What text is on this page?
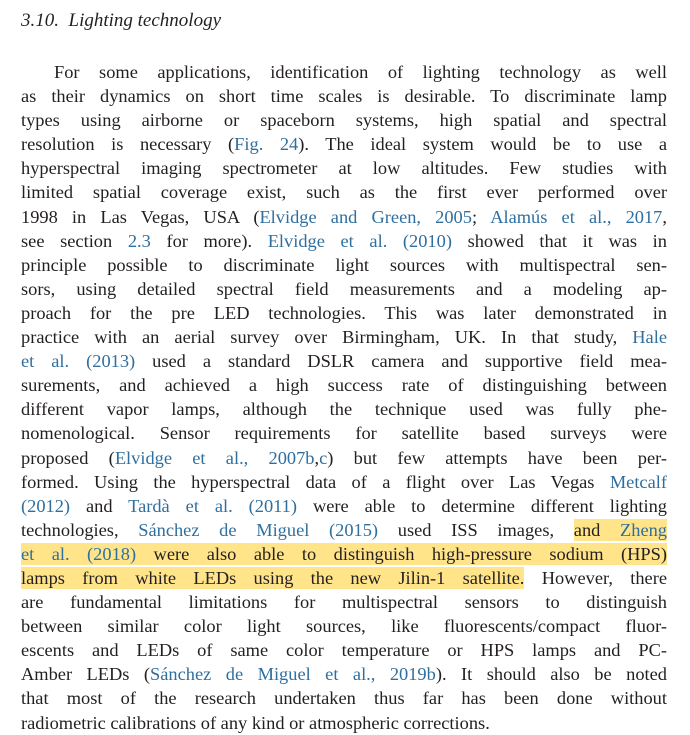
3.10. Lighting technology
For some applications, identification of lighting technology as well
as their dynamics on short time scales is desirable. To discriminate lamp
types using airborne or spaceborn systems, high spatial and spectral
resolution is necessary (Fig. 24). The ideal system would be to use a
hyperspectral imaging spectrometer at low altitudes. Few studies with
limited spatial coverage exist, such as the first ever performed over
1998 in Las Vegas, USA (Elvidge and Green, 2005; Alamús et al., 2017,
see section 2.3 for more). Elvidge et al. (2010) showed that it was in
principle possible to discriminate light sources with multispectral sen-
sors, using detailed spectral field measurements and a modeling ap-
proach for the pre LED technologies. This was later demonstrated in
practice with an aerial survey over Birmingham, UK. In that study, Hale
et al. (2013) used a standard DSLR camera and supportive field mea-
surements, and achieved a high success rate of distinguishing between
different vapor lamps, although the technique used was fully phe-
nomenological. Sensor requirements for satellite based surveys were
proposed (Elvidge et al., 2007b,c) but few attempts have been per-
formed. Using the hyperspectral data of a flight over Las Vegas Metcalf
(2012) and Tardà et al. (2011) were able to determine different lighting
technologies, Sánchez de Miguel (2015) used ISS images, and Zheng
et al. (2018) were also able to distinguish high-pressure sodium (HPS)
lamps from white LEDs using the new Jilin-1 satellite. However, there
are fundamental limitations for multispectral sensors to distinguish
between similar color light sources, like fluorescents/compact fluor-
escents and LEDs of same color temperature or HPS lamps and PC-
Amber LEDs (Sánchez de Miguel et al., 2019b). It should also be noted
that most of the research undertaken thus far has been done without
radiometric calibrations of any kind or atmospheric corrections.
